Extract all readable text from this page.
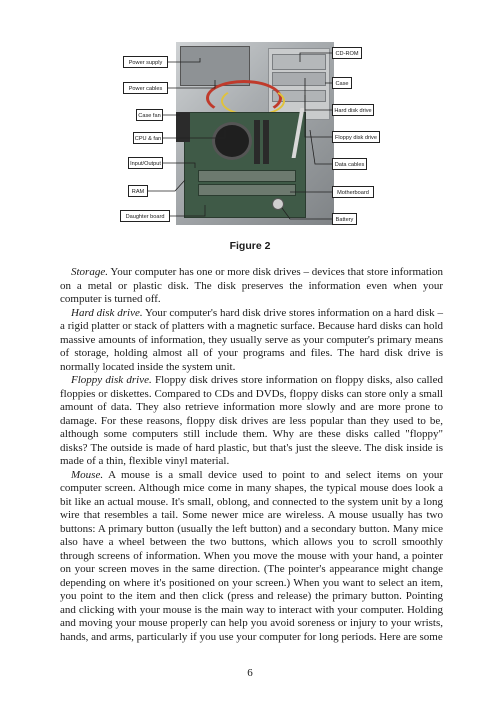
Power supply
Power cables
Case fan
CPU & fan
Input/Output
RAM
Daughter board
CD-ROM
Case
Hard disk drive
Floppy disk drive
Data cables
Motherboard
Battery
Figure 2

Storage. Your computer has one or more disk drives – devices that store information on a metal or plastic disk. The disk preserves the information even when your computer is turned off.

Hard disk drive. Your computer's hard disk drive stores information on a hard disk – a rigid platter or stack of platters with a magnetic surface. Because hard disks can hold massive amounts of information, they usually serve as your computer's primary means of storage, holding almost all of your programs and files. The hard disk drive is normally located inside the system unit.

Floppy disk drive. Floppy disk drives store information on floppy disks, also called floppies or diskettes. Compared to CDs and DVDs, floppy disks can store only a small amount of data. They also retrieve information more slowly and are more prone to damage. For these reasons, floppy disk drives are less popular than they used to be, although some computers still include them. Why are these disks called "floppy" disks? The outside is made of hard plastic, but that's just the sleeve. The disk inside is made of a thin, flexible vinyl material.

Mouse. A mouse is a small device used to point to and select items on your computer screen. Although mice come in many shapes, the typical mouse does look a bit like an actual mouse. It's small, oblong, and connected to the system unit by a long wire that resembles a tail. Some newer mice are wireless. A mouse usually has two buttons: A primary button (usually the left button) and a secondary button. Many mice also have a wheel between the two buttons, which allows you to scroll smoothly through screens of information. When you move the mouse with your hand, a pointer on your screen moves in the same direction. (The pointer's appearance might change depending on where it's positioned on your screen.) When you want to select an item, you point to the item and then click (press and release) the primary button. Pointing and clicking with your mouse is the main way to interact with your computer. Holding and moving your mouse properly can help you avoid soreness or injury to your wrists, hands, and arms, particularly if you use your computer for long periods. Here are some

6
